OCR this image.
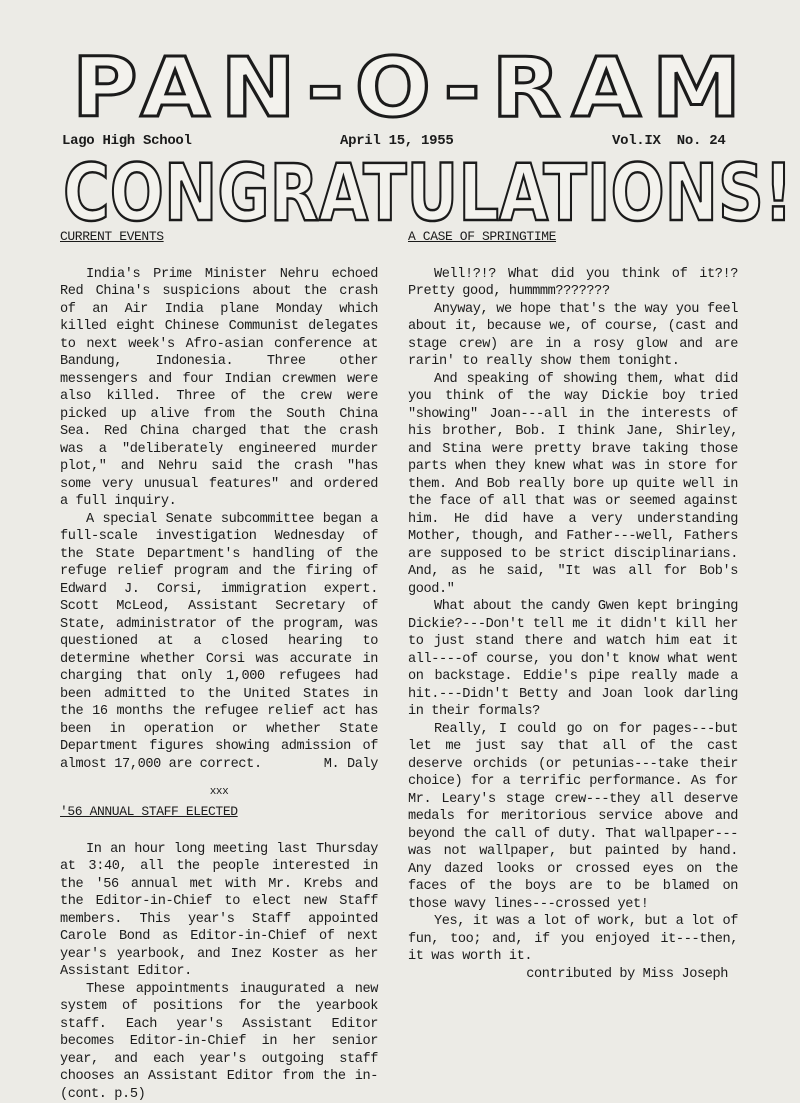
PAN-O-RAM
Lago High School	April 15, 1955	Vol.IX  No. 24
CONGRATULATIONS!
CURRENT EVENTS

India's Prime Minister Nehru echoed Red China's suspicions about the crash of an Air India plane Monday which killed eight Chinese Communist delegates to next week's Afro-asian conference at Bandung, Indonesia. Three other messengers and four Indian crewmen were also killed. Three of the crew were picked up alive from the South China Sea. Red China charged that the crash was a "deliberately engineered murder plot," and Nehru said the crash "has some very unusual features" and ordered a full inquiry.

A special Senate subcommittee began a full-scale investigation Wednesday of the State Department's handling of the refuge relief program and the firing of Edward J. Corsi, immigration expert. Scott McLeod, Assistant Secretary of State, administrator of the program, was questioned at a closed hearing to determine whether Corsi was accurate in charging that only 1,000 refugees had been admitted to the United States in the 16 months the refugee relief act has been in operation or whether State Department figures showing admission of almost 17,000 are correct.	M. Daly
xxx
'56 ANNUAL STAFF ELECTED

In an hour long meeting last Thursday at 3:40, all the people interested in the '56 annual met with Mr. Krebs and the Editor-in-Chief to elect new Staff members. This year's Staff appointed Carole Bond as Editor-in-Chief of next year's yearbook, and Inez Koster as her Assistant Editor.

These appointments inaugurated a new system of positions for the yearbook staff. Each year's Assistant Editor becomes Editor-in-Chief in her senior year, and each year's outgoing staff chooses an Assistant Editor from the in-(cont. p.5)

A CASE OF SPRINGTIME

Well!?!? What did you think of it?!? Pretty good, hummmm???????

Anyway, we hope that's the way you feel about it, because we, of course, (cast and stage crew) are in a rosy glow and are rarin' to really show them tonight.

And speaking of showing them, what did you think of the way Dickie boy tried "showing" Joan---all in the interests of his brother, Bob. I think Jane, Shirley, and Stina were pretty brave taking those parts when they knew what was in store for them. And Bob really bore up quite well in the face of all that was or seemed against him. He did have a very understanding Mother, though, and Father---well, Fathers are supposed to be strict disciplinarians. And, as he said, "It was all for Bob's good."

What about the candy Gwen kept bringing Dickie?---Don't tell me it didn't kill her to just stand there and watch him eat it all----of course, you don't know what went on backstage. Eddie's pipe really made a hit.---Didn't Betty and Joan look darling in their formals?

Really, I could go on for pages---but let me just say that all of the cast deserve orchids (or petunias---take their choice) for a terrific performance. As for Mr. Leary's stage crew---they all deserve medals for meritorious service above and beyond the call of duty. That wallpaper---was not wallpaper, but painted by hand. Any dazed looks or crossed eyes on the faces of the boys are to be blamed on those wavy lines---crossed yet!

Yes, it was a lot of work, but a lot of fun, too; and, if you enjoyed it---then, it was worth it.

contributed by Miss Joseph
